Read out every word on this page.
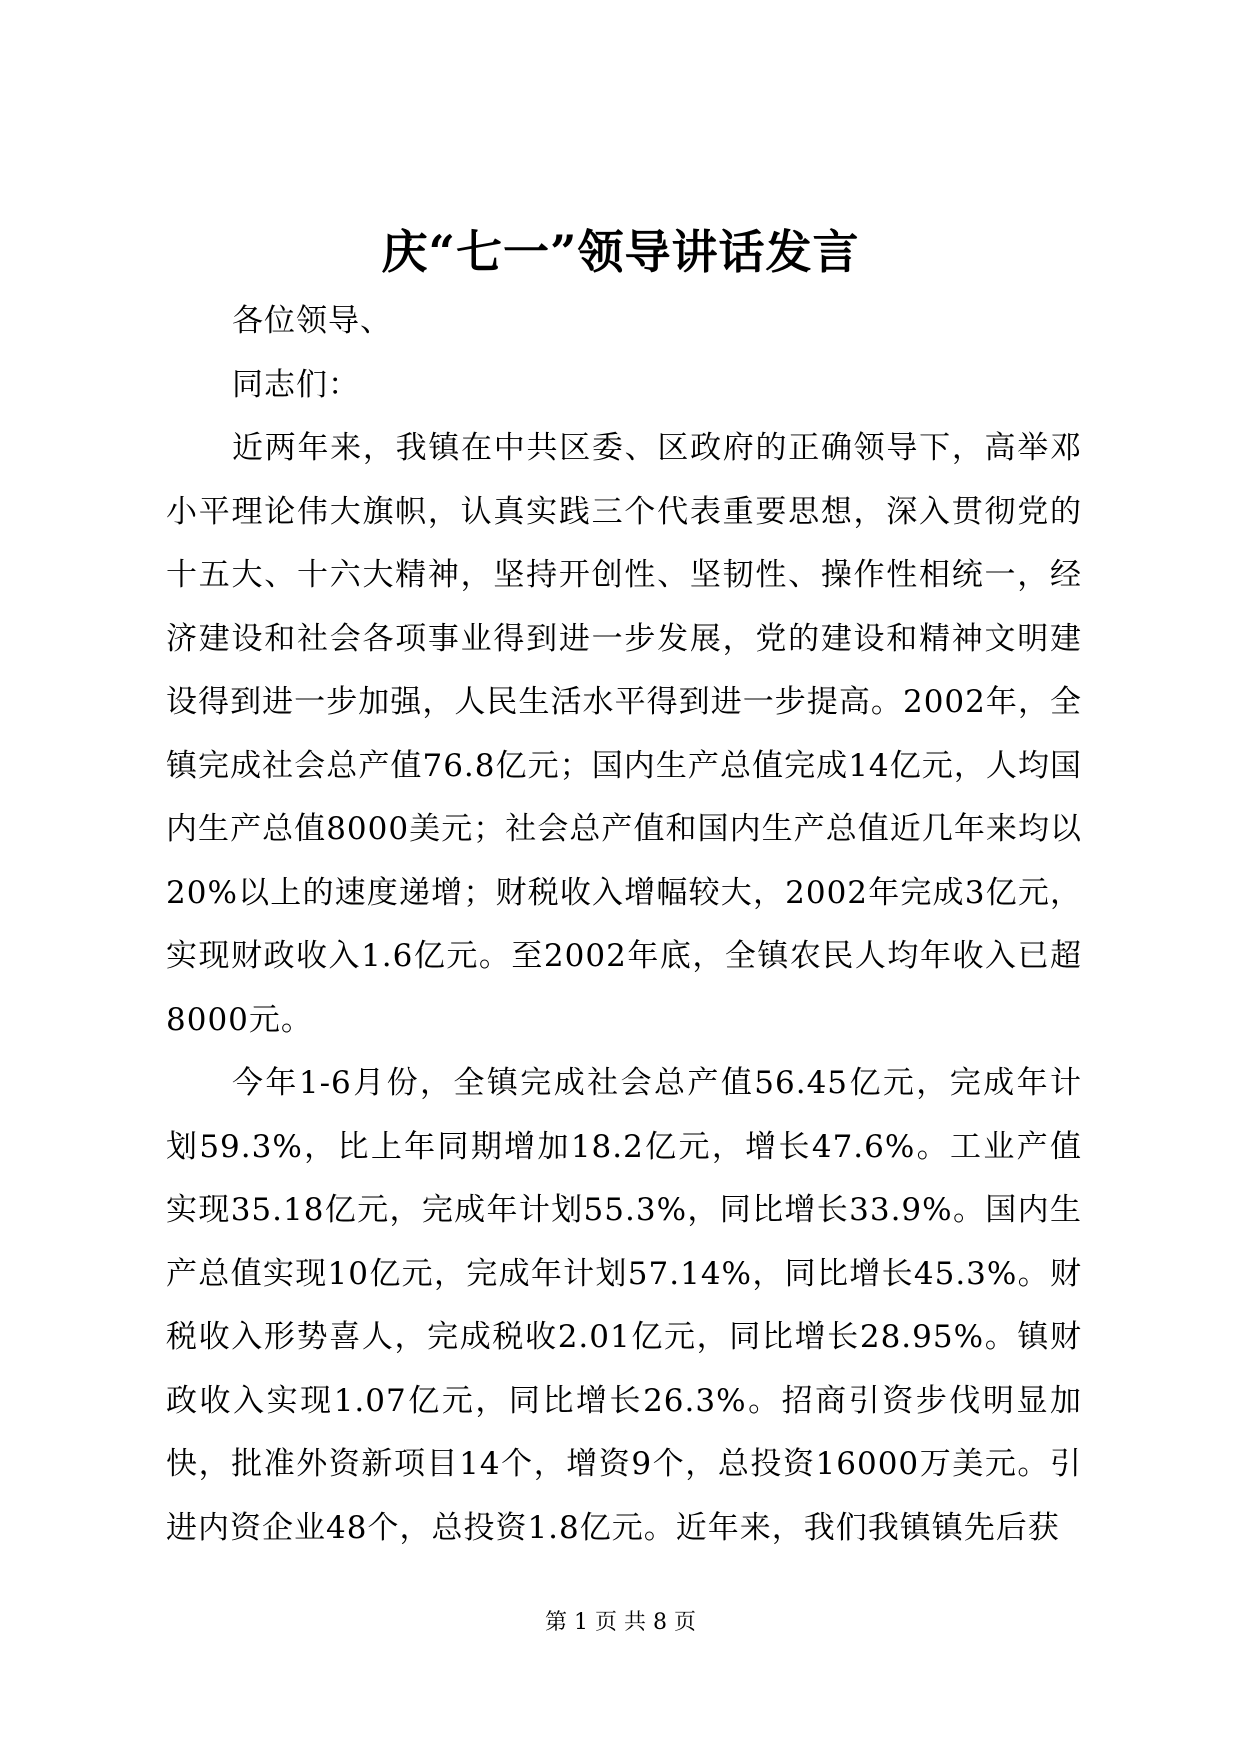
庆“七一”领导讲话发言

各位领导、

同志们：

近两年来，我镇在中共区委、区政府的正确领导下，高举邓小平理论伟大旗帜，认真实践三个代表重要思想，深入贯彻党的十五大、十六大精神，坚持开创性、坚韧性、操作性相统一，经济建设和社会各项事业得到进一步发展，党的建设和精神文明建设得到进一步加强，人民生活水平得到进一步提高。2002年，全镇完成社会总产值76.8亿元；国内生产总值完成14亿元，人均国内生产总值8000美元；社会总产值和国内生产总值近几年来均以20%以上的速度递增；财税收入增幅较大，2002年完成3亿元，实现财政收入1.6亿元。至2002年底，全镇农民人均年收入已超8000元。

今年1-6月份，全镇完成社会总产值56.45亿元，完成年计划59.3%，比上年同期增加18.2亿元，增长47.6%。工业产值实现35.18亿元，完成年计划55.3%，同比增长33.9%。国内生产总值实现10亿元，完成年计划57.14%，同比增长45.3%。财税收入形势喜人，完成税收2.01亿元，同比增长28.95%。镇财政收入实现1.07亿元，同比增长26.3%。招商引资步伐明显加快，批准外资新项目14个，增资9个，总投资16000万美元。引进内资企业48个，总投资1.8亿元。近年来，我们我镇镇先后获

第 1 页 共 8 页
